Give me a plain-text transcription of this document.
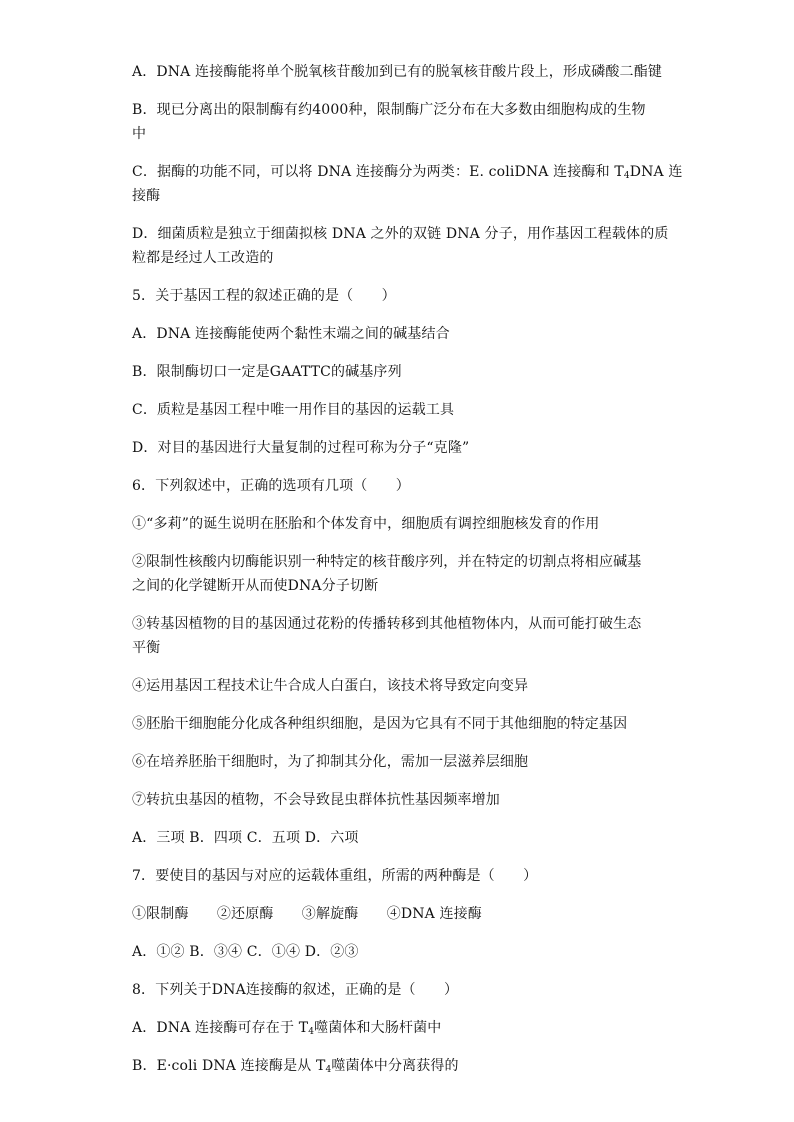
A．DNA 连接酶能将单个脱氧核苷酸加到已有的脱氧核苷酸片段上，形成磷酸二酯键
B．现已分离出的限制酶有约4000种，限制酶广泛分布在大多数由细胞构成的生物
中
C．据酶的功能不同，可以将 DNA 连接酶分为两类：E. coliDNA 连接酶和 $T_4DNA$ 连
接酶
D．细菌质粒是独立于细菌拟核 DNA 之外的双链 DNA 分子，用作基因工程载体的质
粒都是经过人工改造的
5．关于基因工程的叙述正确的是（　　）
A．DNA 连接酶能使两个黏性末端之间的碱基结合
B．限制酶切口一定是GAATTC的碱基序列
C．质粒是基因工程中唯一用作目的基因的运载工具
D．对目的基因进行大量复制的过程可称为分子“克隆”
6．下列叙述中，正确的选项有几项（　　）
①“多莉”的诞生说明在胚胎和个体发育中，细胞质有调控细胞核发育的作用
②限制性核酸内切酶能识别一种特定的核苷酸序列，并在特定的切割点将相应碱基
之间的化学键断开从而使DNA分子切断
③转基因植物的目的基因通过花粉的传播转移到其他植物体内，从而可能打破生态
平衡
④运用基因工程技术让牛合成人白蛋白，该技术将导致定向变异
⑤胚胎干细胞能分化成各种组织细胞，是因为它具有不同于其他细胞的特定基因
⑥在培养胚胎干细胞时，为了抑制其分化，需加一层滋养层细胞
⑦转抗虫基因的植物，不会导致昆虫群体抗性基因频率增加
A．三项 B．四项 C．五项 D．六项
7．要使目的基因与对应的运载体重组，所需的两种酶是（　　）
①限制酶　　②还原酶　　③解旋酶　　④DNA 连接酶
A．①② B．③④ C．①④ D．②③
8．下列关于DNA连接酶的叙述，正确的是（　　）
A．DNA 连接酶可存在于 $T_4$噬菌体和大肠杆菌中
B．E·coli DNA 连接酶是从 $T_4$噬菌体中分离获得的
